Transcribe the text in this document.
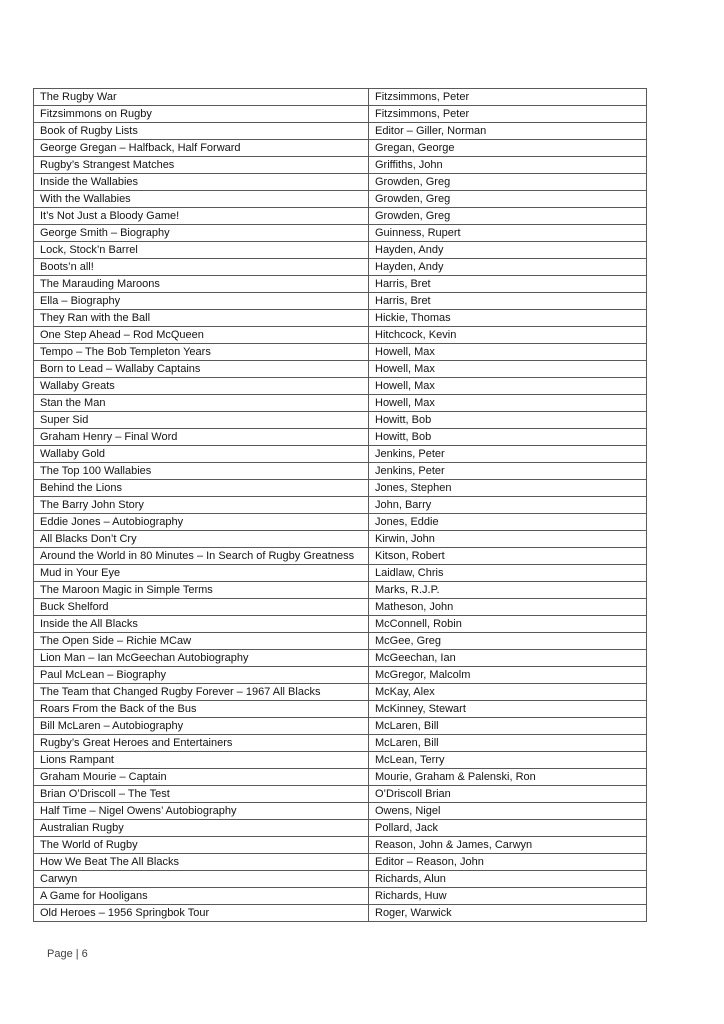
The Rugby War	Fitzsimmons, Peter
Fitzsimmons on Rugby	Fitzsimmons, Peter
Book of Rugby Lists	Editor – Giller, Norman
George Gregan – Halfback, Half Forward	Gregan, George
Rugby’s Strangest Matches	Griffiths, John
Inside the Wallabies	Growden, Greg
With the Wallabies	Growden, Greg
It’s Not Just a Bloody Game!	Growden, Greg
George Smith – Biography	Guinness, Rupert
Lock, Stock’n Barrel	Hayden, Andy
Boots’n all!	Hayden, Andy
The Marauding Maroons	Harris, Bret
Ella – Biography	Harris, Bret
They Ran with the Ball	Hickie, Thomas
One Step Ahead – Rod McQueen	Hitchcock, Kevin
Tempo – The Bob Templeton Years	Howell, Max
Born to Lead – Wallaby Captains	Howell, Max
Wallaby Greats	Howell, Max
Stan the Man	Howell, Max
Super Sid	Howitt, Bob
Graham Henry – Final Word	Howitt, Bob
Wallaby Gold	Jenkins, Peter
The Top 100 Wallabies	Jenkins, Peter
Behind the Lions	Jones, Stephen
The Barry John Story	John, Barry
Eddie Jones – Autobiography	Jones, Eddie
All Blacks Don’t Cry	Kirwin, John
Around the World in 80 Minutes – In Search of Rugby Greatness	Kitson, Robert
Mud in Your Eye	Laidlaw, Chris
The Maroon Magic in Simple Terms	Marks, R.J.P.
Buck Shelford	Matheson, John
Inside the All Blacks	McConnell, Robin
The Open Side – Richie MCaw	McGee, Greg
Lion Man – Ian McGeechan Autobiography	McGeechan, Ian
Paul McLean – Biography	McGregor, Malcolm
The Team that Changed Rugby Forever – 1967 All Blacks	McKay, Alex
Roars From the Back of the Bus	McKinney, Stewart
Bill McLaren – Autobiography	McLaren, Bill
Rugby’s Great Heroes and Entertainers	McLaren, Bill
Lions Rampant	McLean, Terry
Graham Mourie – Captain	Mourie, Graham & Palenski, Ron
Brian O’Driscoll – The Test	O’Driscoll Brian
Half Time – Nigel Owens’ Autobiography	Owens, Nigel
Australian Rugby	Pollard, Jack
The World of Rugby	Reason, John & James, Carwyn
How We Beat The All Blacks	Editor – Reason, John
Carwyn	Richards, Alun
A Game for Hooligans	Richards, Huw
Old Heroes – 1956 Springbok Tour	Roger, Warwick
Page | 6
